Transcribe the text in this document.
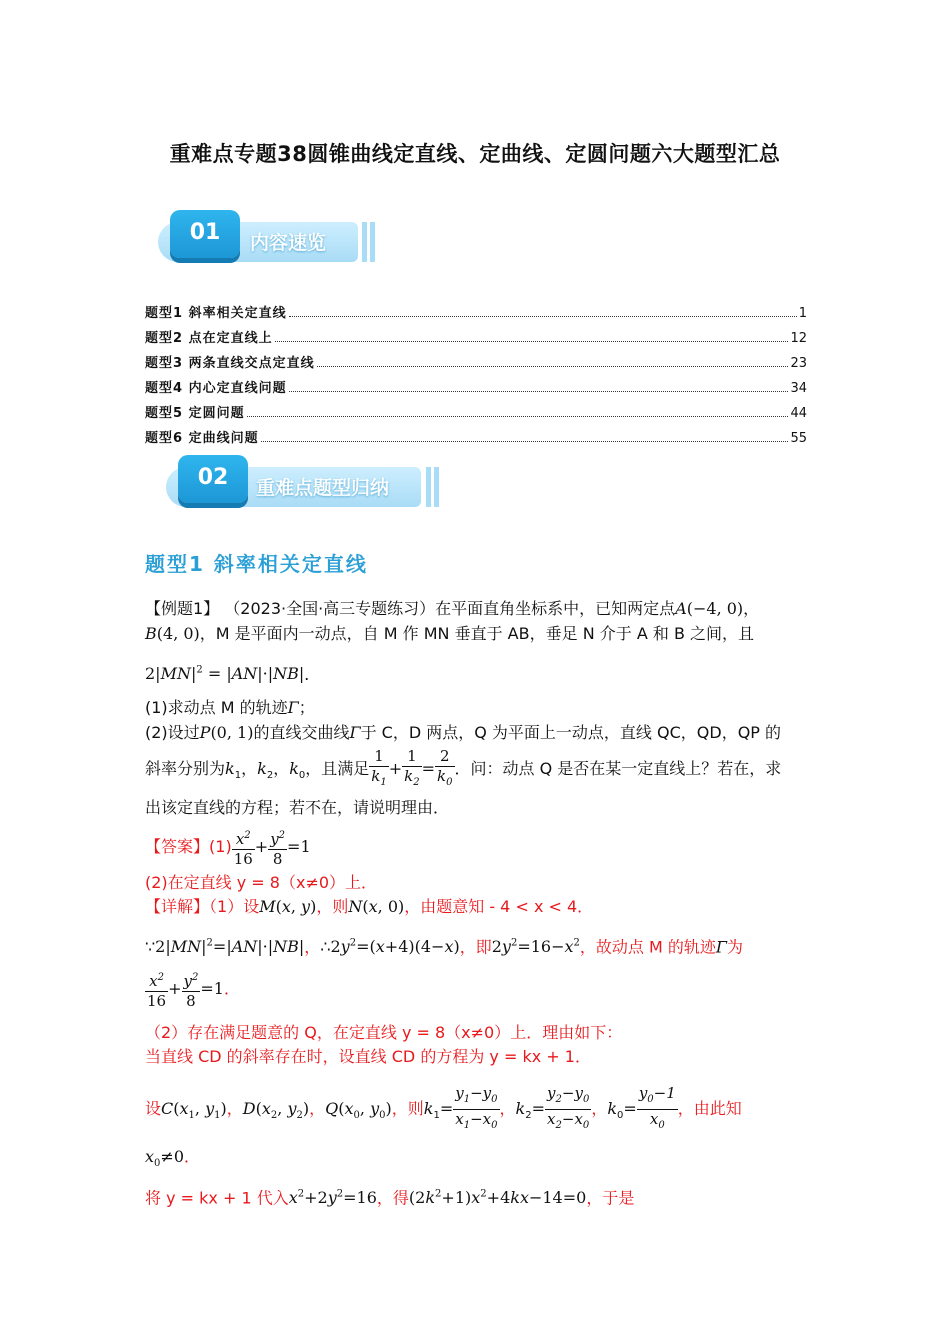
重难点专题38圆锥曲线定直线、定曲线、定圆问题六大题型汇总
01	内容速览
题型1 斜率相关定直线	1
题型2 点在定直线上	12
题型3 两条直线交点定直线	23
题型4 内心定直线问题	34
题型5 定圆问题	44
题型6 定曲线问题	55
02	重难点题型归纳
题型1 斜率相关定直线
【例题1】 （2023·全国·高三专题练习）在平面直角坐标系中，已知两定点A(−4, 0)，
B(4, 0)，M 是平面内一动点，自 M 作 MN 垂直于 AB，垂足 N 介于 A 和 B 之间，且
$2|MN|^2 = |AN|\cdot|NB|$．
(1)求动点 M 的轨迹Γ；
(2)设过P(0, 1)的直线交曲线Γ于 C，D 两点，Q 为平面上一动点，直线 QC，QD，QP 的
斜率分别为$k_1$，$k_2$，$k_0$，且满足 $\frac{1}{k_1} + \frac{1}{k_2} = \frac{2}{k_0}$ ．问：动点 Q 是否在某一定直线上？若在，求
出该定直线的方程；若不在，请说明理由．
【答案】$(1) \frac{x^2}{16} + \frac{y^2}{8} =1$
(2)在定直线 y = 8（x≠0）上．
【详解】（1）设M(x, y)，则N(x, 0)，由题意知 - 4 < x < 4．
$\because 2|MN|^2=|AN|\cdot|NB|$，$\therefore 2y^2=(x+4)(4-x)$，即$2y^2=16-x^2$，故动点 M 的轨迹Γ为
$\frac{x^2}{16} + \frac{y^2}{8} =1$．
（2）存在满足题意的 Q，在定直线 y = 8（x≠0）上．理由如下：
当直线 CD 的斜率存在时，设直线 CD 的方程为 y = kx + 1．
设$C(x_1$, $y_1$)，$D(x_2$, $y_2$)，$Q(x_0$, $y_0$)，则$k_1= \frac{y_1-y_0}{x_1-x_0}$ ，$k_2= \frac{y_2-y_0}{x_2-x_0}$ ，$k_0= \frac{y_0-1}{x_0}$ ，由此知
$x_0\ne 0$．
将 y = kx + 1 代入$x^2+2y^2=16$，得$(2k^2+1)x^2+4kx-14=0$，于是
